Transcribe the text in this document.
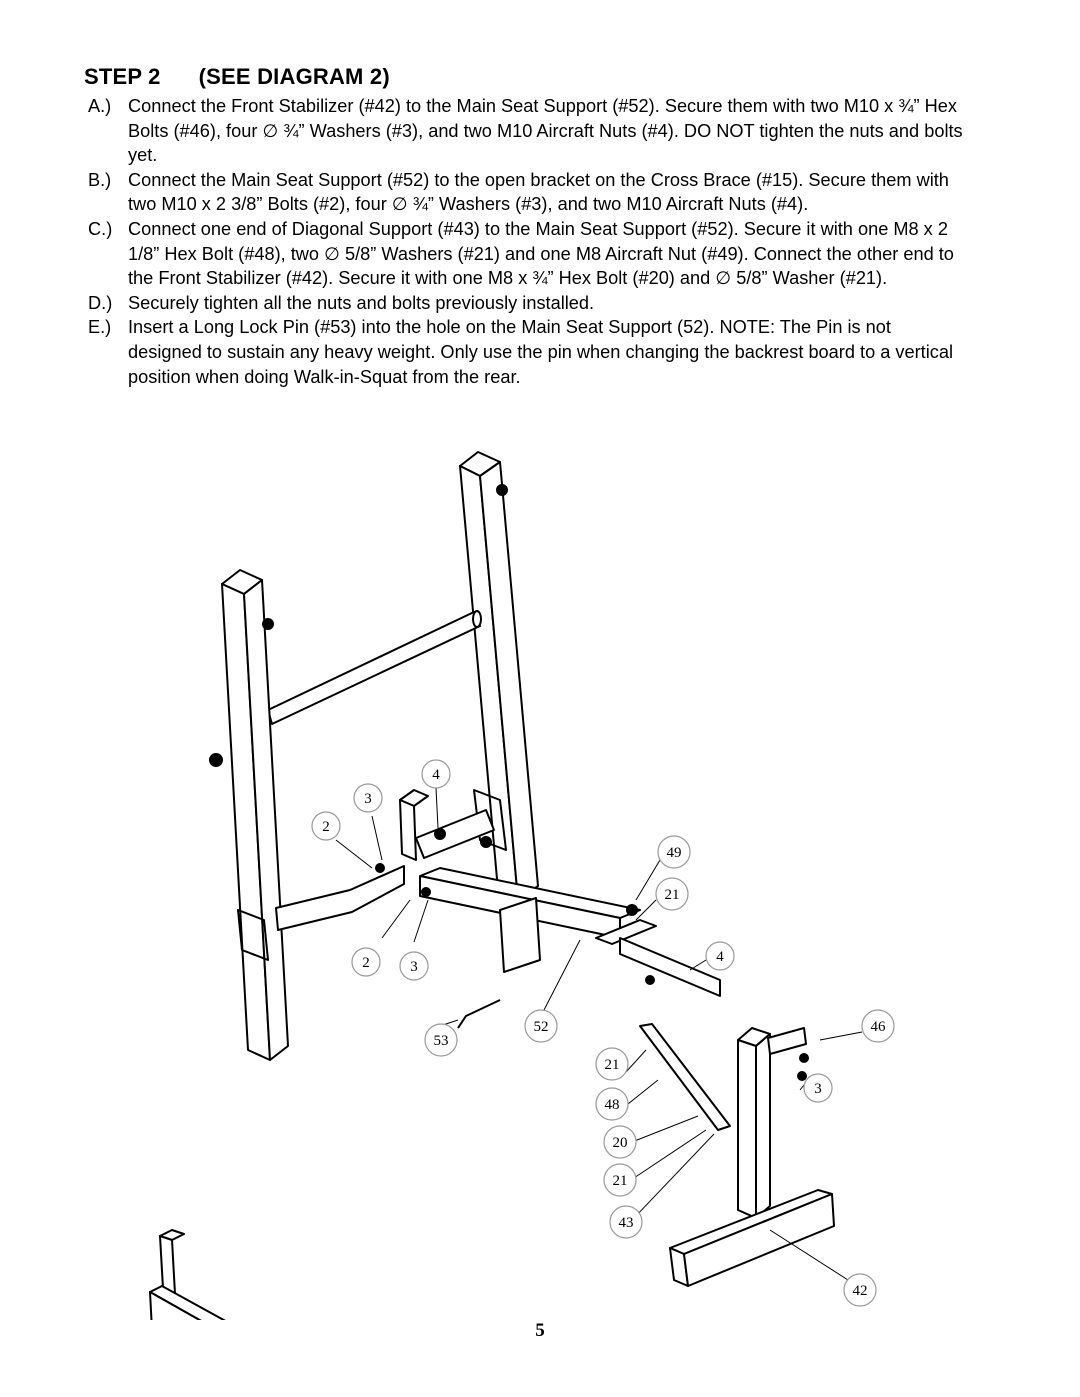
STEP 2 (SEE DIAGRAM 2)
A.) Connect the Front Stabilizer (#42) to the Main Seat Support (#52). Secure them with two M10 x ¾” Hex Bolts (#46), four ∅ ¾” Washers (#3), and two M10 Aircraft Nuts (#4). DO NOT tighten the nuts and bolts yet.
B.) Connect the Main Seat Support (#52) to the open bracket on the Cross Brace (#15). Secure them with two M10 x 2 3/8” Bolts (#2), four ∅ ¾” Washers (#3), and two M10 Aircraft Nuts (#4).
C.) Connect one end of Diagonal Support (#43) to the Main Seat Support (#52). Secure it with one M8 x 2 1/8” Hex Bolt (#48), two ∅ 5/8” Washers (#21) and one M8 Aircraft Nut (#49). Connect the other end to the Front Stabilizer (#42). Secure it with one M8 x ¾” Hex Bolt (#20) and ∅ 5/8” Washer (#21).
D.) Securely tighten all the nuts and bolts previously installed.
E.) Insert a Long Lock Pin (#53) into the hole on the Main Seat Support (52). NOTE: The Pin is not designed to sustain any heavy weight. Only use the pin when changing the backrest board to a vertical position when doing Walk-in-Squat from the rear.
4
3
2
49
21
4
2	3
52
53
46
21
3
48
20
21
43
42
5
